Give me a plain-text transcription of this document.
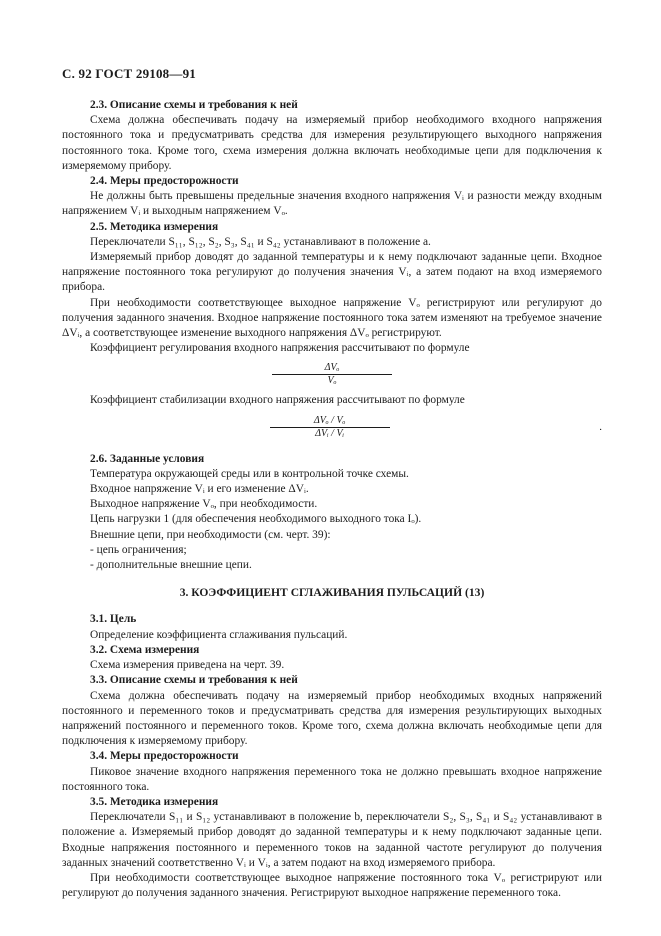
С. 92 ГОСТ 29108—91

2.3. Описание схемы и требования к ней

Схема должна обеспечивать подачу на измеряемый прибор необходимого входного напряжения постоянного тока и предусматривать средства для измерения результирующего выходного напряжения постоянного тока. Кроме того, схема измерения должна включать необходимые цепи для подключения к измеряемому прибору.

2.4. Меры предосторожности

Не должны быть превышены предельные значения входного напряжения Vᵢ и разности между входным напряжением Vᵢ и выходным напряжением Vₒ.

2.5. Методика измерения

Переключатели S₁₁, S₁₂, S₂, S₃, S₄₁ и S₄₂ устанавливают в положение a.

Измеряемый прибор доводят до заданной температуры и к нему подключают заданные цепи. Входное напряжение постоянного тока регулируют до получения значения Vᵢ, а затем подают на вход измеряемого прибора.

При необходимости соответствующее выходное напряжение Vₒ регистрируют или регулируют до получения заданного значения. Входное напряжение постоянного тока затем изменяют на требуемое значение ΔVᵢ, а соответствующее изменение выходного напряжения ΔVₒ регистрируют.

Коэффициент регулирования входного напряжения рассчитывают по формуле

$\frac{\text{ΔVₒ}}{\text{Vₒ}}$

Коэффициент стабилизации входного напряжения рассчитывают по формуле

$\frac{\text{ΔVₒ / Vₒ}}{\text{ΔVᵢ / Vᵢ}}$	.

2.6. Заданные условия

Температура окружающей среды или в контрольной точке схемы.

Входное напряжение Vᵢ и его изменение ΔVᵢ.

Выходное напряжение Vₒ, при необходимости.

Цепь нагрузки 1 (для обеспечения необходимого выходного тока Iₒ).

Внешние цепи, при необходимости (см. черт. 39):

- цепь ограничения;

- дополнительные внешние цепи.

3. КОЭФФИЦИЕНТ СГЛАЖИВАНИЯ ПУЛЬСАЦИЙ (13)

3.1. Цель

Определение коэффициента сглаживания пульсаций.

3.2. Схема измерения

Схема измерения приведена на черт. 39.

3.3. Описание схемы и требования к ней

Схема должна обеспечивать подачу на измеряемый прибор необходимых входных напряжений постоянного и переменного токов и предусматривать средства для измерения результирующих выходных напряжений постоянного и переменного токов. Кроме того, схема должна включать необходимые цепи для подключения к измеряемому прибору.

3.4. Меры предосторожности

Пиковое значение входного напряжения переменного тока не должно превышать входное напряжение постоянного тока.

3.5. Методика измерения

Переключатели S₁₁ и S₁₂ устанавливают в положение b, переключатели S₂, S₃, S₄₁ и S₄₂ устанавливают в положение a. Измеряемый прибор доводят до заданной температуры и к нему подключают заданные цепи. Входные напряжения постоянного и переменного токов на заданной частоте регулируют до получения заданных значений соответственно Vᵢ и Vᵢ, а затем подают на вход измеряемого прибора.

При необходимости соответствующее выходное напряжение постоянного тока Vₒ регистрируют или регулируют до получения заданного значения. Регистрируют выходное напряжение переменного тока.
